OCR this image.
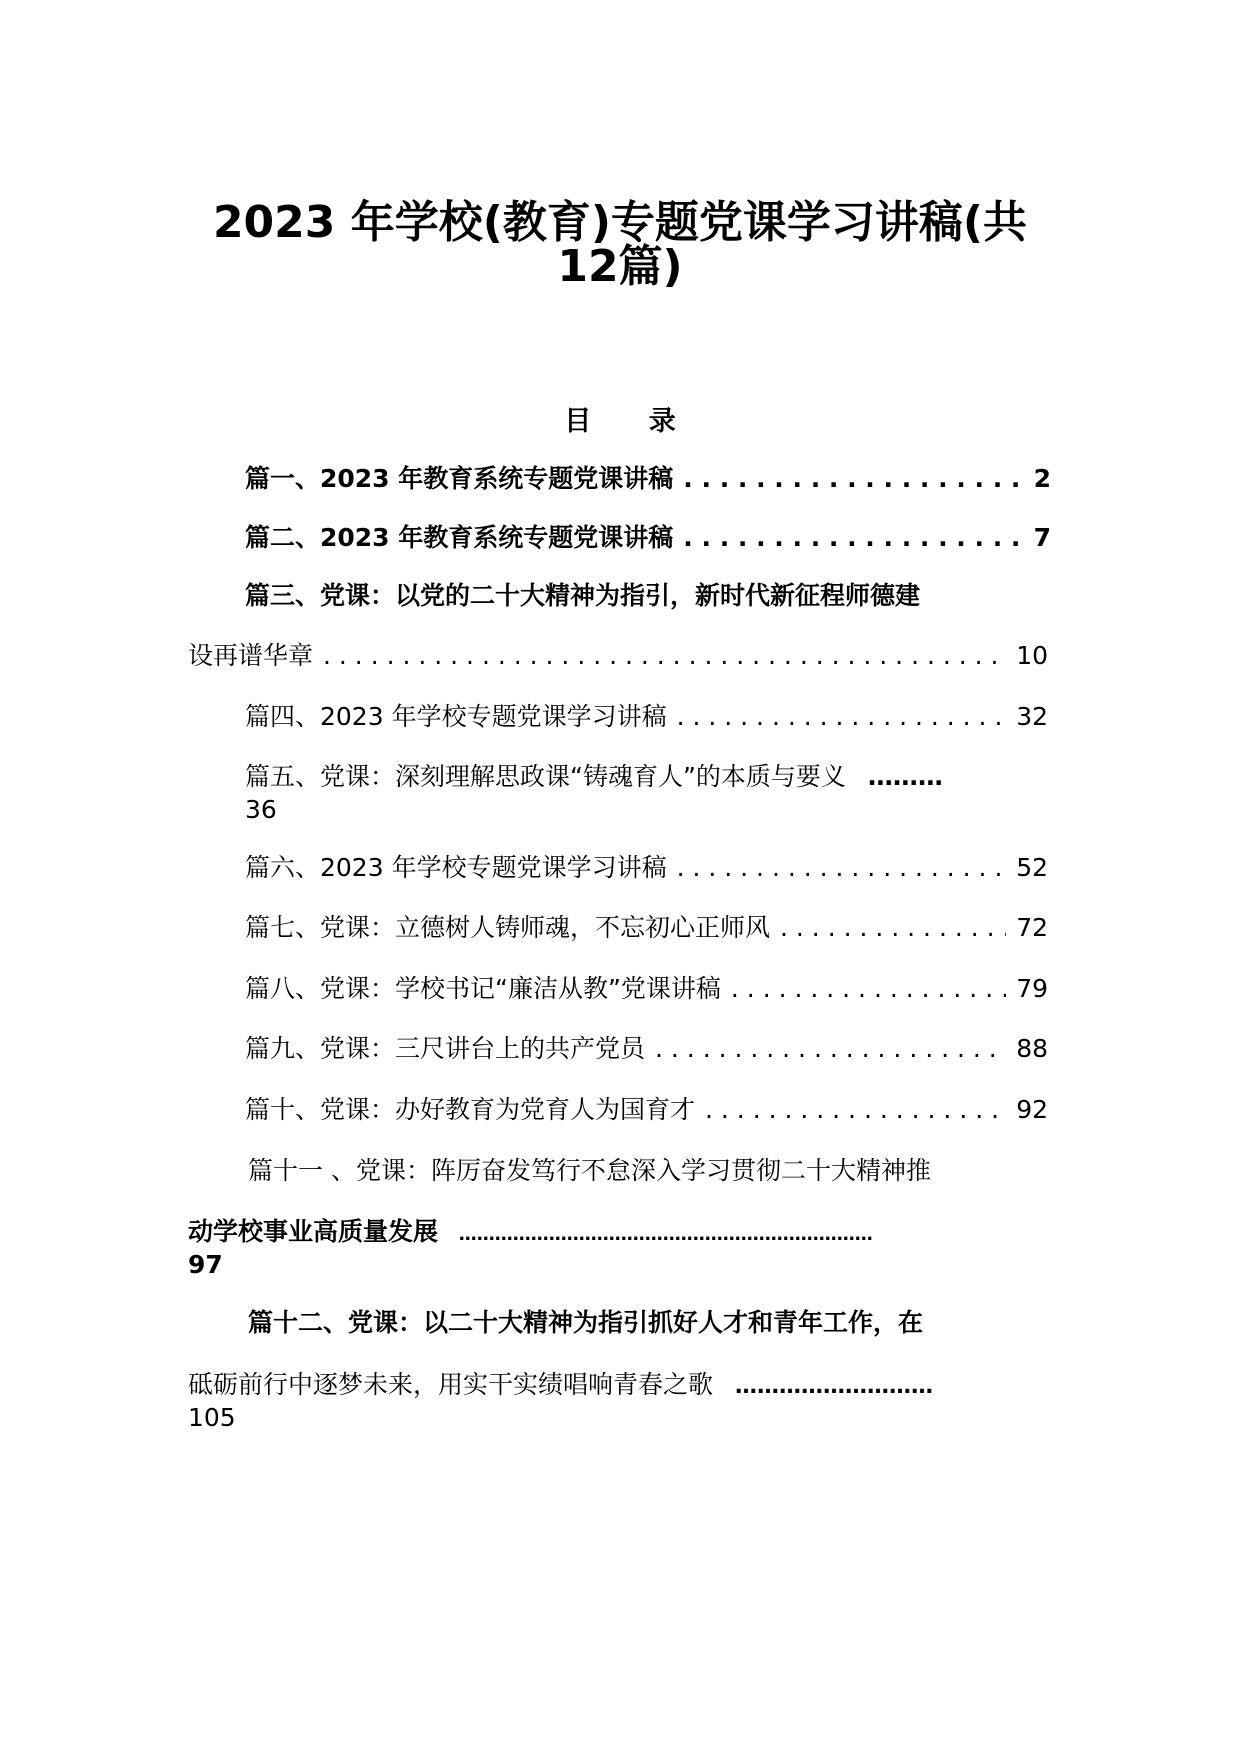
2023 年学校(教育)专题党课学习讲稿(共
12篇)
目 录
篇一、2023 年教育系统专题党课讲稿 . . .	2
篇二、2023 年教育系统专题党课讲稿 . . .	7
篇三、党课：以党的二十大精神为指引，新时代新征程师德建
设再谱华章 . . .	10
篇四、2023 年学校专题党课学习讲稿 . . .	32
篇五、党课：深刻理解思政课“铸魂育人”的本质与要义 ………
36
篇六、2023 年学校专题党课学习讲稿 . . .	52
篇七、党课：立德树人铸师魂，不忘初心正师风 . . .	72
篇八、党课：学校书记“廉洁从教”党课讲稿 . . .	79
篇九、党课：三尺讲台上的共产党员 . . .	88
篇十、党课：办好教育为党育人为国育才 . . .	92
篇十一 、党课：阵厉奋发笃行不怠深入学习贯彻二十大精神推
动学校事业高质量发展 ……………………………………………………………
97
篇十二、党课：以二十大精神为指引抓好人才和青年工作，在
砥砺前行中逐梦未来，用实干实绩唱响青春之歌 ………………………
105
